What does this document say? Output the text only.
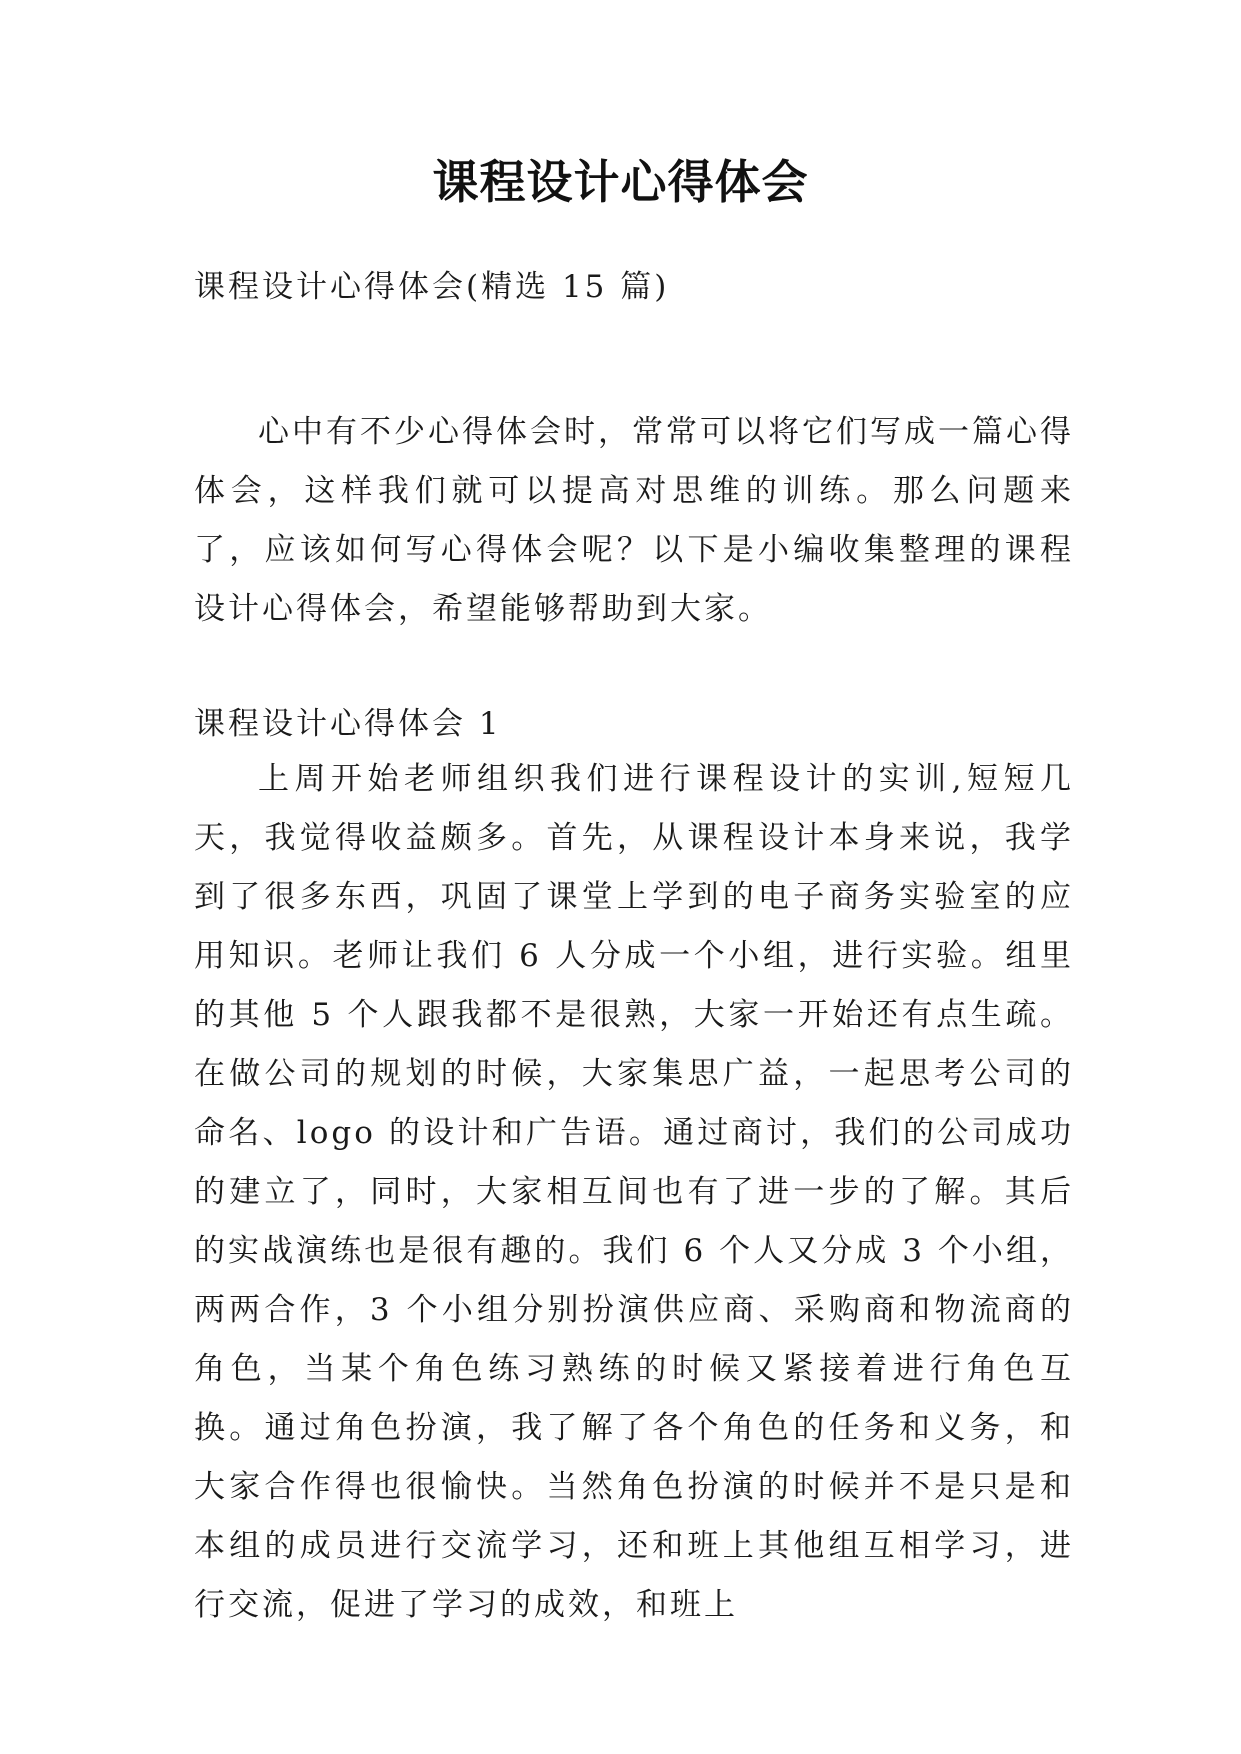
课程设计心得体会

课程设计心得体会(精选 15 篇)

心中有不少心得体会时，常常可以将它们写成一篇心得体会，这样我们就可以提高对思维的训练。那么问题来了，应该如何写心得体会呢？以下是小编收集整理的课程设计心得体会，希望能够帮助到大家。

课程设计心得体会 1

上周开始老师组织我们进行课程设计的实训,短短几天，我觉得收益颇多。首先，从课程设计本身来说，我学到了很多东西，巩固了课堂上学到的电子商务实验室的应用知识。老师让我们 6 人分成一个小组，进行实验。组里的其他 5 个人跟我都不是很熟，大家一开始还有点生疏。在做公司的规划的时候，大家集思广益，一起思考公司的命名、logo 的设计和广告语。通过商讨，我们的公司成功的建立了，同时，大家相互间也有了进一步的了解。其后的实战演练也是很有趣的。我们 6 个人又分成 3 个小组，两两合作，3 个小组分别扮演供应商、采购商和物流商的角色，当某个角色练习熟练的时候又紧接着进行角色互换。通过角色扮演，我了解了各个角色的任务和义务，和大家合作得也很愉快。当然角色扮演的时候并不是只是和本组的成员进行交流学习，还和班上其他组互相学习，进行交流，促进了学习的成效，和班上
